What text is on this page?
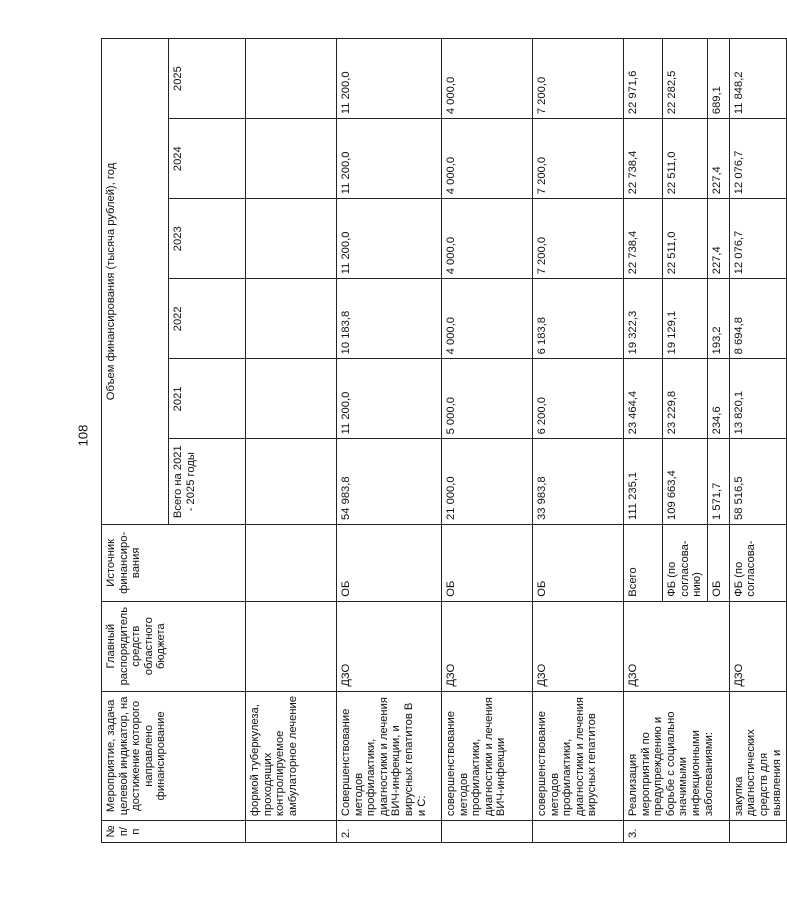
108
№ п/п	Мероприятие, задача целевой индикатор, на достижение которого направлено финансирование	Главный распорядитель средств областного бюджета	Источник финансиро-вания	Объем финансирования (тысяча рублей), год					
				Всего на 2021 - 2025 годы	2021	2022	2023	2024	2025
	формой туберкулеза, проходящих контролируемое амбулаторное лечение								
2.	Совершенствование методов профилактики, диагностики и лечения ВИЧ-инфекции, и вирусных гепатитов В и С:	ДЗО	ОБ	54 983,8	11 200,0	10 183,8	11 200,0	11 200,0	11 200,0
	совершенствование методов профилактики, диагностики и лечения ВИЧ-инфекции	ДЗО	ОБ	21 000,0	5 000,0	4 000,0	4 000,0	4 000,0	4 000,0
	совершенствование методов профилактики, диагностики и лечения вирусных гепатитов	ДЗО	ОБ	33 983,8	6 200,0	6 183,8	7 200,0	7 200,0	7 200,0
3.	Реализация мероприятий по предупреждению и борьбе с социально значимыми инфекционными заболеваниями:	ДЗО	Всего	111 235,1	23 464,4	19 322,3	22 738,4	22 738,4	22 971,6
			ФБ (по согласова-нию)	109 663,4	23 229,8	19 129,1	22 511,0	22 511,0	22 282,5
			ОБ	1 571,7	234,6	193,2	227,4	227,4	689,1
	закупка диагностических средств для выявления и	ДЗО	ФБ (по согласова-	58 516,5	13 820,1	8 694,8	12 076,7	12 076,7	11 848,2
